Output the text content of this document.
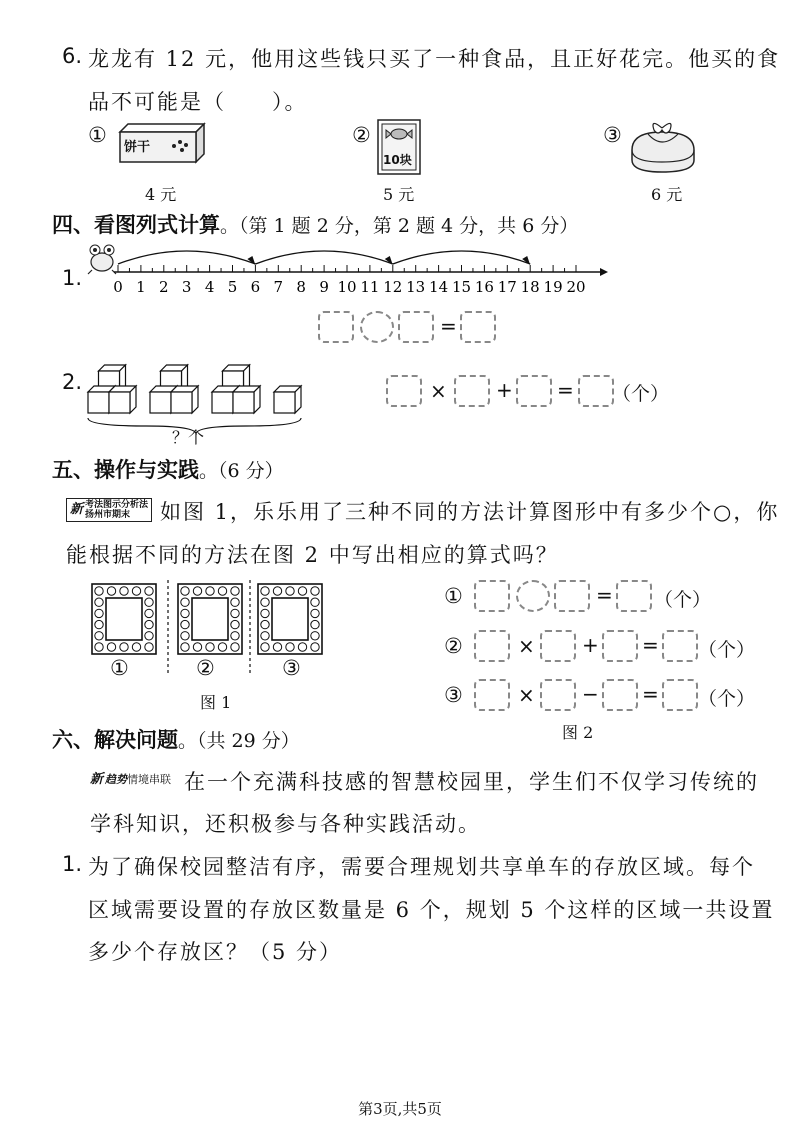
6. 龙龙有 12 元，他用这些钱只买了一种食品，且正好花完。他买的食
品不可能是（　　）。
①
饼干
4 元
②
10块
5 元
③
6 元
四、看图列式计算。（第 1 题 2 分，第 2 题 4 分，共 6 分）
1. 0 1 2 3 4 5 6 7 8 9 10 11 12 13 14 15 16 17 18 19 20
=
2.
？个
× + = （个）
五、操作与实践。（6 分）
新 考法图示分析法
扬州市期末	如图 1，乐乐用了三种不同的方法计算图形中有多少个○，你
能根据不同的方法在图 2 中写出相应的算式吗？
①	②	③
图 1
①	= （个）
②	× + = （个）
③	× − = （个）
图 2
六、解决问题。（共 29 分）
新 趋势情境串联 在一个充满科技感的智慧校园里，学生们不仅学习传统的
学科知识，还积极参与各种实践活动。
1. 为了确保校园整洁有序，需要合理规划共享单车的存放区域。每个
区域需要设置的存放区数量是 6 个，规划 5 个这样的区域一共设置
多少个存放区？（5 分）
第3页,共5页
